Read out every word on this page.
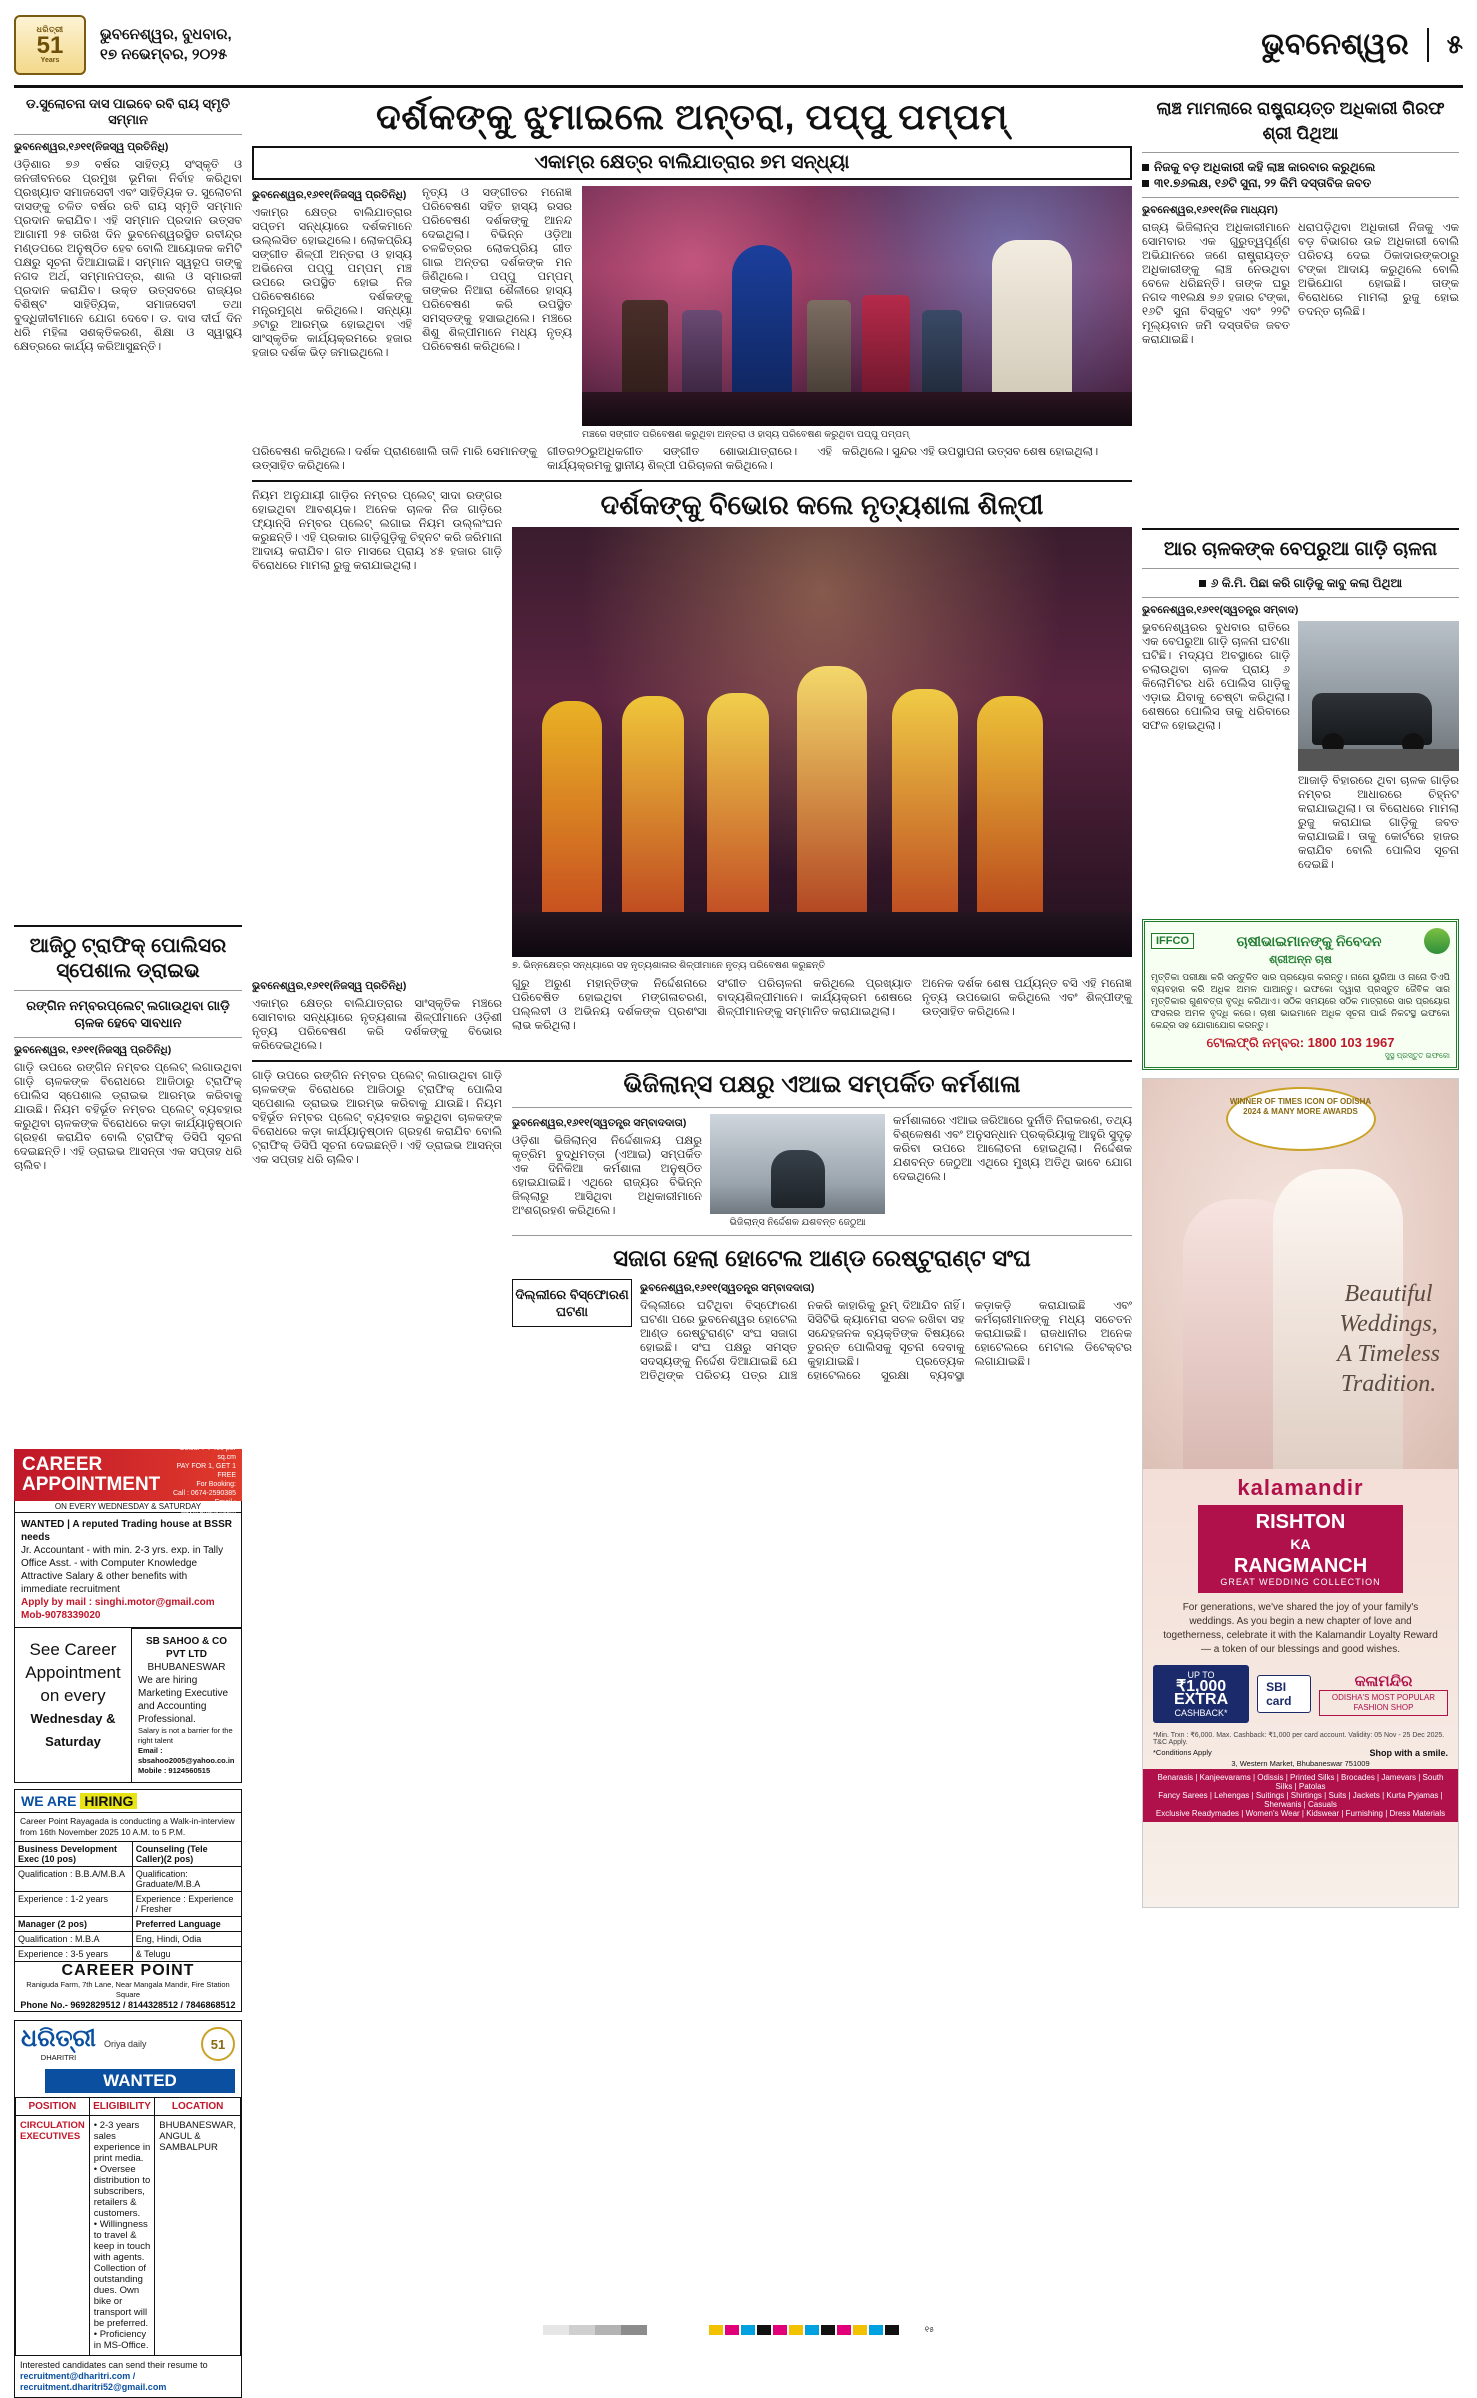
ଧରିତ୍ରୀ
51
Years
ଭୁବନେଶ୍ୱର, ବୁଧବାର,
୧୭ ନଭେମ୍ବର, ୨୦୨୫	ଭୁବନେଶ୍ୱର ୫
ଡ.ସୁଲୋଚନା ଦାସ ପାଇବେ ରବି ରାୟ ସ୍ମୃତି ସମ୍ମାନ
ଭୁବନେଶ୍ୱର,୧୬୧୧(ନିଜସ୍ୱ ପ୍ରତିନିଧି)
ଓଡ଼ିଶାର ୭୬ ବର୍ଷର ସାହିତ୍ୟ ସଂସ୍କୃତି ଓ ଜନଜୀବନରେ ପ୍ରମୁଖ ଭୂମିକା ନିର୍ବାହ କରିଥିବା ପ୍ରଖ୍ୟାତ ସମାଜସେବୀ ଏବଂ ସାହିତ୍ୟିକ ଡ. ସୁଲୋଚନା ଦାସଙ୍କୁ ଚଳିତ ବର୍ଷର ରବି ରାୟ ସ୍ମୃତି ସମ୍ମାନ ପ୍ରଦାନ କରାଯିବ। ଏହି ସମ୍ମାନ ପ୍ରଦାନ ଉତ୍ସବ ଆଗାମୀ ୨୫ ତାରିଖ ଦିନ ଭୁବନେଶ୍ୱରସ୍ଥିତ ରବୀନ୍ଦ୍ର ମଣ୍ଡପରେ ଅନୁଷ୍ଠିତ ହେବ ବୋଲି ଆୟୋଜକ କମିଟି ପକ୍ଷରୁ ସୂଚନା ଦିଆଯାଇଛି। ସମ୍ମାନ ସ୍ୱରୂପ ତାଙ୍କୁ ନଗଦ ଅର୍ଥ, ସମ୍ମାନପତ୍ର, ଶାଲ ଓ ସ୍ମାରକୀ ପ୍ରଦାନ କରାଯିବ। ଉକ୍ତ ଉତ୍ସବରେ ରାଜ୍ୟର ବିଶିଷ୍ଟ ସାହିତ୍ୟିକ, ସମାଜସେବୀ ତଥା ବୁଦ୍ଧିଜୀବୀମାନେ ଯୋଗ ଦେବେ। ଡ. ଦାସ ଦୀର୍ଘ ଦିନ ଧରି ମହିଳା ସଶକ୍ତିକରଣ, ଶିକ୍ଷା ଓ ସ୍ୱାସ୍ଥ୍ୟ କ୍ଷେତ୍ରରେ କାର୍ଯ୍ୟ କରିଆସୁଛନ୍ତି।
ଆଜିଠୁ ଟ୍ରାଫିକ୍ ପୋଲିସର ସ୍ପେଶାଲ ଡ୍ରାଇଭ
ରଙ୍ଗିନ ନମ୍ବରପ୍ଲେଟ୍ ଲଗାଉଥିବା ଗାଡ଼ି ଚାଳକ ହେବେ ସାବଧାନ
ଭୁବନେଶ୍ୱର, ୧୬୧୧(ନିଜସ୍ୱ ପ୍ରତିନିଧି)
ଗାଡ଼ି ଉପରେ ରଙ୍ଗିନ ନମ୍ବର ପ୍ଲେଟ୍ ଲଗାଉଥିବା ଗାଡ଼ି ଚାଳକଙ୍କ ବିରୋଧରେ ଆଜିଠାରୁ ଟ୍ରାଫିକ୍ ପୋଲିସ ସ୍ପେଶାଲ ଡ୍ରାଇଭ ଆରମ୍ଭ କରିବାକୁ ଯାଉଛି। ନିୟମ ବହିର୍ଭୂତ ନମ୍ବର ପ୍ଲେଟ୍ ବ୍ୟବହାର କରୁଥିବା ଚାଳକଙ୍କ ବିରୋଧରେ କଡ଼ା କାର୍ଯ୍ୟାନୁଷ୍ଠାନ ଗ୍ରହଣ କରାଯିବ ବୋଲି ଟ୍ରାଫିକ୍ ଡିସିପି ସୂଚନା ଦେଇଛନ୍ତି। ଏହି ଡ୍ରାଇଭ ଆସନ୍ତା ଏକ ସପ୍ତାହ ଧରି ଚାଲିବ।
CAREER
APPOINTMENT
B/W : ₹ 350 per sq.cm
Colour : ₹ 400 per sq.cm
PAY FOR 1, GET 1 FREE
For Booking:
Call : 0674-2590385
Email : adv@dharitri.com
ON EVERY WEDNESDAY & SATURDAY
WANTED | A reputed Trading house at BSSR needs
Jr. Accountant - with min. 2-3 yrs. exp. in Tally
Office Asst. - with Computer Knowledge
Attractive Salary & other benefits with immediate recruitment
Apply by mail : singhi.motor@gmail.com Mob-9078339020
See Career
Appointment
on every
Wednesday & Saturday
SB SAHOO & CO PVT LTD
BHUBANESWAR
We are hiring Marketing Executive and Accounting Professional.
Salary is not a barrier for the right talent
Email : sbsahoo2005@yahoo.co.in
Mobile : 9124560515
WE ARE HIRING
Career Point Rayagada is conducting a Walk-in-interview from 16th November 2025 10 A.M. to 5 P.M.
Business Development Exec (10 pos)	Counseling (Tele Caller)(2 pos)
Qualification : B.B.A/M.B.A	Qualification: Graduate/M.B.A
Experience : 1-2 years	Experience : Experience / Fresher
Manager (2 pos)	Preferred Language
Qualification : M.B.A	Eng, Hindi, Odia
Experience : 3-5 years	& Telugu
CAREER POINT
Raniguda Farm, 7th Lane, Near Mangala Mandir, Fire Station Square
Phone No.- 9692829512 / 8144328512 / 7846868512
ଧରିତ୍ରୀ
DHARITRI
Oriya daily	51
WANTED
POSITION	ELIGIBILITY	LOCATION
CIRCULATION EXECUTIVES	• 2-3 years sales experience in print media.
• Oversee distribution to subscribers, retailers & customers.
• Willingness to travel & keep in touch with agents. Collection of outstanding dues. Own bike or transport will be preferred.
• Proficiency in MS-Office.	BHUBANESWAR, ANGUL & SAMBALPUR
Interested candidates can send their resume to
recruitment@dharitri.com / recruitment.dharitri52@gmail.com
ଦର୍ଶକଙ୍କୁ ଝୁମାଇଲେ ଅନ୍ତରା, ପପ୍ପୁ ପମ୍ପମ୍
ଏକାମ୍ର କ୍ଷେତ୍ର ବାଲିଯାତ୍ରାର ୭ମ ସନ୍ଧ୍ୟା
ଭୁବନେଶ୍ୱର,୧୬୧୧(ନିଜସ୍ୱ ପ୍ରତିନିଧି)
ଏକାମ୍ର କ୍ଷେତ୍ର ବାଲିଯାତ୍ରାର ସପ୍ତମ ସନ୍ଧ୍ୟାରେ ଦର୍ଶକମାନେ ଉଲ୍ଲସିତ ହୋଇଥିଲେ। ଲୋକପ୍ରିୟ ସଙ୍ଗୀତ ଶିଳ୍ପୀ ଅନ୍ତରା ଓ ହାସ୍ୟ ଅଭିନେତା ପପ୍ପୁ ପମ୍ପମ୍ ମଞ୍ଚ ଉପରେ ଉପସ୍ଥିତ ହୋଇ ନିଜ ପରିବେଷଣରେ ଦର୍ଶକଙ୍କୁ ମନ୍ତ୍ରମୁଗ୍ଧ କରିଥିଲେ। ସନ୍ଧ୍ୟା ୬ଟାରୁ ଆରମ୍ଭ ହୋଇଥିବା ଏହି ସାଂସ୍କୃତିକ କାର୍ଯ୍ୟକ୍ରମରେ ହଜାର ହଜାର ଦର୍ଶକ ଭିଡ଼ ଜମାଇଥିଲେ।
ନୃତ୍ୟ ଓ ସଙ୍ଗୀତର ମନୋଜ୍ଞ ପରିବେଷଣ ସହିତ ହାସ୍ୟ ରସର ପରିବେଷଣ ଦର୍ଶକଙ୍କୁ ଆନନ୍ଦ ଦେଇଥିଲା। ବିଭିନ୍ନ ଓଡ଼ିଆ ଚଳଚ୍ଚିତ୍ରର ଲୋକପ୍ରିୟ ଗୀତ ଗାଇ ଅନ୍ତରା ଦର୍ଶକଙ୍କ ମନ ଜିଣିଥିଲେ। ପପ୍ପୁ ପମ୍ପମ୍ ତାଙ୍କର ନିଆରା ଶୈଳୀରେ ହାସ୍ୟ ପରିବେଷଣ କରି ଉପସ୍ଥିତ ସମସ୍ତଙ୍କୁ ହସାଇଥିଲେ। ମଞ୍ଚରେ ଶିଶୁ ଶିଳ୍ପୀମାନେ ମଧ୍ୟ ନୃତ୍ୟ ପରିବେଷଣ କରିଥିଲେ।
ମଞ୍ଚରେ ସଙ୍ଗୀତ ପରିବେଷଣ କରୁଥିବା ଅନ୍ତରା ଓ ହାସ୍ୟ ପରିବେଷଣ କରୁଥିବା ପପ୍ପୁ ପମ୍ପମ୍
ପରିବେଷଣ କରିଥିଲେ। ଦର୍ଶକ ପ୍ରାଣଖୋଲି ତାଳି ମାରି ସେମାନଙ୍କୁ ଉତ୍ସାହିତ କରିଥିଲେ।
ଗୀତର୨୦ରୁଅଧିକଗୀତ ସଙ୍ଗୀତ ଶୋଭାଯାତ୍ରାରେ। ଏହି କାର୍ଯ୍ୟକ୍ରମକୁ ସ୍ଥାନୀୟ ଶିଳ୍ପୀ ପରିଚାଳନା କରିଥିଲେ।
କରିଥିଲେ। ସୁନ୍ଦର ଏହି ଉପସ୍ଥାପନା ଉତ୍ସବ ଶେଷ ହୋଇଥିଲା।
ନିୟମ ଅନୁଯାୟୀ ଗାଡ଼ିର ନମ୍ବର ପ୍ଲେଟ୍ ସାଦା ରଙ୍ଗର ହୋଇଥିବା ଆବଶ୍ୟକ। ଅନେକ ଚାଳକ ନିଜ ଗାଡ଼ିରେ ଫ୍ୟାନ୍ସି ନମ୍ବର ପ୍ଲେଟ୍ ଲଗାଇ ନିୟମ ଉଲ୍ଲଂଘନ କରୁଛନ୍ତି। ଏହି ପ୍ରକାର ଗାଡ଼ିଗୁଡ଼ିକୁ ଚିହ୍ନଟ କରି ଜରିମାନା ଆଦାୟ କରାଯିବ। ଗତ ମାସରେ ପ୍ରାୟ ୪୫ ହଜାର ଗାଡ଼ି ବିରୋଧରେ ମାମଲା ରୁଜୁ କରାଯାଇଥିଲା।
ଦର୍ଶକଙ୍କୁ ବିଭୋର କଲେ ନୃତ୍ୟଶାଳା ଶିଳ୍ପୀ
୭. ଭିନ୍ନକ୍ଷେତ୍ର ସନ୍ଧ୍ୟାରେ ସହ ନୃତ୍ୟଶାଳାର ଶିଳ୍ପୀମାନେ ନୃତ୍ୟ ପରିବେଷଣ କରୁଛନ୍ତି
ଭୁବନେଶ୍ୱର,୧୬୧୧(ନିଜସ୍ୱ ପ୍ରତିନିଧି)
ଏକାମ୍ର କ୍ଷେତ୍ର ବାଲିଯାତ୍ରାର ସାଂସ୍କୃତିକ ମଞ୍ଚରେ ସୋମବାର ସନ୍ଧ୍ୟାରେ ନୃତ୍ୟଶାଳା ଶିଳ୍ପୀମାନେ ଓଡ଼ିଶୀ ନୃତ୍ୟ ପରିବେଷଣ କରି ଦର୍ଶକଙ୍କୁ ବିଭୋର କରିଦେଇଥିଲେ।
ଗୁରୁ ଅରୁଣ ମହାନ୍ତିଙ୍କ ନିର୍ଦ୍ଦେଶନାରେ ପରିବେଷିତ ହୋଇଥିବା ମଙ୍ଗଳାଚରଣ, ପଲ୍ଲବୀ ଓ ଅଭିନୟ ଦର୍ଶକଙ୍କ ପ୍ରଶଂସା ଲାଭ କରିଥିଲା।
ସଂଗୀତ ପରିଚାଳନା କରିଥିଲେ ପ୍ରଖ୍ୟାତ ବାଦ୍ୟଶିଳ୍ପୀମାନେ। କାର୍ଯ୍ୟକ୍ରମ ଶେଷରେ ଶିଳ୍ପୀମାନଙ୍କୁ ସମ୍ମାନିତ କରାଯାଇଥିଲା।
ଅନେକ ଦର୍ଶକ ଶେଷ ପର୍ଯ୍ୟନ୍ତ ବସି ଏହି ମନୋଜ୍ଞ ନୃତ୍ୟ ଉପଭୋଗ କରିଥିଲେ ଏବଂ ଶିଳ୍ପୀଙ୍କୁ ଉତ୍ସାହିତ କରିଥିଲେ।
ଗାଡ଼ି ଉପରେ ରଙ୍ଗିନ ନମ୍ବର ପ୍ଲେଟ୍ ଲଗାଉଥିବା ଗାଡ଼ି ଚାଳକଙ୍କ ବିରୋଧରେ ଆଜିଠାରୁ ଟ୍ରାଫିକ୍ ପୋଲିସ ସ୍ପେଶାଲ ଡ୍ରାଇଭ ଆରମ୍ଭ କରିବାକୁ ଯାଉଛି। ନିୟମ ବହିର୍ଭୂତ ନମ୍ବର ପ୍ଲେଟ୍ ବ୍ୟବହାର କରୁଥିବା ଚାଳକଙ୍କ ବିରୋଧରେ କଡ଼ା କାର୍ଯ୍ୟାନୁଷ୍ଠାନ ଗ୍ରହଣ କରାଯିବ ବୋଲି ଟ୍ରାଫିକ୍ ଡିସିପି ସୂଚନା ଦେଇଛନ୍ତି। ଏହି ଡ୍ରାଇଭ ଆସନ୍ତା ଏକ ସପ୍ତାହ ଧରି ଚାଲିବ।
ଭିଜିଲାନ୍ସ ପକ୍ଷରୁ ଏଆଇ ସମ୍ପର୍କିତ କର୍ମଶାଳା
ଭୁବନେଶ୍ୱର,୧୬୧୧(ସ୍ୱତନ୍ତ୍ର ସମ୍ବାଦଦାତା)
ଓଡ଼ିଶା ଭିଜିଲାନ୍ସ ନିର୍ଦ୍ଦେଶାଳୟ ପକ୍ଷରୁ କୃତ୍ରିମ ବୁଦ୍ଧିମତ୍ତା (ଏଆଇ) ସମ୍ପର୍କିତ ଏକ ଦିନିକିଆ କର୍ମଶାଳା ଅନୁଷ୍ଠିତ ହୋଇଯାଇଛି। ଏଥିରେ ରାଜ୍ୟର ବିଭିନ୍ନ ଜିଲ୍ଲାରୁ ଆସିଥିବା ଅଧିକାରୀମାନେ ଅଂଶଗ୍ରହଣ କରିଥିଲେ।
ଭିଜିଲାନ୍ସ ନିର୍ଦ୍ଦେଶକ ଯଶବନ୍ତ ଜେଠୁଆ
କର୍ମଶାଳାରେ ଏଆଇ ଜରିଆରେ ଦୁର୍ନୀତି ନିରାକରଣ, ତଥ୍ୟ ବିଶ୍ଳେଷଣ ଏବଂ ଅନୁସନ୍ଧାନ ପ୍ରକ୍ରିୟାକୁ ଆହୁରି ସୁଦୃଢ଼ କରିବା ଉପରେ ଆଲୋଚନା ହୋଇଥିଲା। ନିର୍ଦ୍ଦେଶକ ଯଶବନ୍ତ ଜେଠୁଆ ଏଥିରେ ମୁଖ୍ୟ ଅତିଥି ଭାବେ ଯୋଗ ଦେଇଥିଲେ।
ସଜାଗ ହେଲା ହୋଟେଲ ଆଣ୍ଡ ରେଷ୍ଟୁରାଣ୍ଟ ସଂଘ
ଦିଲ୍ଲୀରେ ବିସ୍ଫୋରଣ ଘଟଣା
ଭୁବନେଶ୍ୱର,୧୬୧୧(ସ୍ୱତନ୍ତ୍ର ସମ୍ବାଦଦାତା)
ଦିଲ୍ଲୀରେ ଘଟିଥିବା ବିସ୍ଫୋରଣ ଘଟଣା ପରେ ଭୁବନେଶ୍ୱର ହୋଟେଲ ଆଣ୍ଡ ରେଷ୍ଟୁରାଣ୍ଟ ସଂଘ ସଜାଗ ହୋଇଛି। ସଂଘ ପକ୍ଷରୁ ସମସ୍ତ ସଦସ୍ୟଙ୍କୁ ନିର୍ଦ୍ଦେଶ ଦିଆଯାଇଛି ଯେ ଅତିଥିଙ୍କ ପରିଚୟ ପତ୍ର ଯାଞ୍ଚ ନକରି କାହାରିକୁ ରୁମ୍ ଦିଆଯିବ ନାହିଁ। ସିସିଟିଭି କ୍ୟାମେରା ସଚଳ ରଖିବା ସହ ସନ୍ଦେହଜନକ ବ୍ୟକ୍ତିଙ୍କ ବିଷୟରେ ତୁରନ୍ତ ପୋଲିସକୁ ସୂଚନା ଦେବାକୁ କୁହାଯାଇଛି। ପ୍ରତ୍ୟେକ ହୋଟେଲରେ ସୁରକ୍ଷା ବ୍ୟବସ୍ଥା କଡ଼ାକଡ଼ି କରାଯାଇଛି ଏବଂ କର୍ମଚାରୀମାନଙ୍କୁ ମଧ୍ୟ ସଚେତନ କରାଯାଇଛି। ରାଜଧାନୀର ଅନେକ ହୋଟେଲରେ ମେଟାଲ ଡିଟେକ୍ଟର ଲଗାଯାଇଛି।
ଲାଞ୍ଚ ମାମଲାରେ ରାଷ୍ଟ୍ରାୟତ୍ତ ଅଧିକାରୀ ଗିରଫ ଶ୍ରୀ ପିଥିଆ
ନିଜକୁ ବଡ଼ ଅଧିକାରୀ କହି ଲାଞ୍ଚ କାରବାର କରୁଥିଲେ
୩୧.୭୬ଲକ୍ଷ, ୧୬ଟି ସୁନା, ୨୨ କିମି ଦସ୍ତାବିଜ ଜବତ
ଭୁବନେଶ୍ୱର,୧୬୧୧(ନିଜ ମାଧ୍ୟମ)
ରାଜ୍ୟ ଭିଜିଲାନ୍ସ ଅଧିକାରୀମାନେ ସୋମବାର ଏକ ଗୁରୁତ୍ୱପୂର୍ଣ୍ଣ ଅଭିଯାନରେ ଜଣେ ରାଷ୍ଟ୍ରାୟତ୍ତ ଅଧିକାରୀଙ୍କୁ ଲାଞ୍ଚ ନେଉଥିବା ବେଳେ ଧରିଛନ୍ତି। ତାଙ୍କ ଘରୁ ନଗଦ ୩୧ଲକ୍ଷ ୭୬ ହଜାର ଟଙ୍କା, ୧୬ଟି ସୁନା ବିସ୍କୁଟ ଏବଂ ୨୨ଟି ମୂଲ୍ୟବାନ ଜମି ଦସ୍ତାବିଜ ଜବତ କରାଯାଇଛି।
ଧରାପଡ଼ିଥିବା ଅଧିକାରୀ ନିଜକୁ ଏକ ବଡ଼ ବିଭାଗର ଉଚ୍ଚ ଅଧିକାରୀ ବୋଲି ପରିଚୟ ଦେଇ ଠିକାଦାରଙ୍କଠାରୁ ଟଙ୍କା ଆଦାୟ କରୁଥିଲେ ବୋଲି ଅଭିଯୋଗ ହୋଇଛି। ତାଙ୍କ ବିରୋଧରେ ମାମଲା ରୁଜୁ ହୋଇ ତଦନ୍ତ ଚାଲିଛି।
ଆର ଚାଳକଙ୍କ ବେପରୁଆ ଗାଡ଼ି ଚାଳନା
୬ କି.ମି. ପିଛା କରି ଗାଡ଼ିକୁ କାବୁ କଲା ପିଥିଆ
ଭୁବନେଶ୍ୱର,୧୬୧୧(ସ୍ୱତନ୍ତ୍ର ସମ୍ବାଦ)
ଭୁବନେଶ୍ୱରର ବୁଧବାର ରାତିରେ ଏକ ବେପରୁଆ ଗାଡ଼ି ଚାଳନା ଘଟଣା ଘଟିଛି। ମଦ୍ୟପ ଅବସ୍ଥାରେ ଗାଡ଼ି ଚଲାଉଥିବା ଚାଳକ ପ୍ରାୟ ୬ କିଲୋମିଟର ଧରି ପୋଲିସ ଗାଡ଼ିକୁ ଏଡ଼ାଇ ଯିବାକୁ ଚେଷ୍ଟା କରିଥିଲା। ଶେଷରେ ପୋଲିସ ତାକୁ ଧରିବାରେ ସଫଳ ହୋଇଥିଲା।
ଆଜାଡ଼ି ବିହାରରେ ଥିବା ଚାଳକ ଗାଡ଼ିର ନମ୍ବର ଆଧାରରେ ଚିହ୍ନଟ କରାଯାଇଥିଲା। ତା ବିରୋଧରେ ମାମଲା ରୁଜୁ କରାଯାଇ ଗାଡ଼ିକୁ ଜବତ କରାଯାଇଛି। ତାକୁ କୋର୍ଟରେ ହାଜର କରାଯିବ ବୋଲି ପୋଲିସ ସୂଚନା ଦେଇଛି।
IFFCO	ଚାଷୀଭାଇମାନଙ୍କୁ ନିବେଦନ
ଶ୍ରୀଅନ୍ନ ଚାଷ
ମୃତ୍ତିକା ପରୀକ୍ଷା କରି ସନ୍ତୁଳିତ ସାର ପ୍ରୟୋଗ କରନ୍ତୁ। ନାନୋ ୟୁରିଆ ଓ ନାନୋ ଡିଏପି ବ୍ୟବହାର କରି ଅଧିକ ଅମଳ ପାଆନ୍ତୁ। ଇଫକୋ ଦ୍ୱାରା ପ୍ରସ୍ତୁତ ଜୈବିକ ସାର ମୃତ୍ତିକାର ଗୁଣବତ୍ତା ବୃଦ୍ଧି କରିଥାଏ। ସଠିକ ସମୟରେ ସଠିକ ମାତ୍ରାରେ ସାର ପ୍ରୟୋଗ ଫସଲର ଅମଳ ବୃଦ୍ଧି କରେ। ଚାଷୀ ଭାଇମାନେ ଅଧିକ ସୂଚନା ପାଇଁ ନିକଟସ୍ଥ ଇଫକୋ କେନ୍ଦ୍ର ସହ ଯୋଗାଯୋଗ କରନ୍ତୁ।
ଟୋଲଫ୍ରି ନମ୍ବର: 1800 103 1967
ସୁସ୍ଥ ପ୍ରସ୍ତୁତ ଇଫକୋ
WINNER OF TIMES ICON OF ODISHA 2024 & MANY MORE AWARDS
Beautiful
Weddings,
A Timeless
Tradition.
kalamandir
RISHTON
KA
RANGMANCH
GREAT WEDDING COLLECTION
For generations, we've shared the joy of your family's weddings. As you begin a new chapter of love and togetherness, celebrate it with the Kalamandir Loyalty Reward — a token of our blessings and good wishes.
UP TO
₹1,000 EXTRA
CASHBACK*
SBI card
କଳାମନ୍ଦିର
ODISHA'S MOST POPULAR FASHION SHOP
*Min. Trxn : ₹6,000. Max. Cashback: ₹1,000 per card account. Validity: 05 Nov - 25 Dec 2025. T&C Apply.
*Conditions Apply	Shop with a smile.
3, Western Market, Bhubaneswar 751009
Benarasis | Kanjeevarams | Odissis | Printed Silks | Brocades | Jamevars | South Silks | Patolas
Fancy Sarees | Lehengas | Suitings | Shirtings | Suits | Jackets | Kurta Pyjamas | Sherwanis | Casuals
Exclusive Readymades | Women's Wear | Kidswear | Furnishing | Dress Materials
୧୫
